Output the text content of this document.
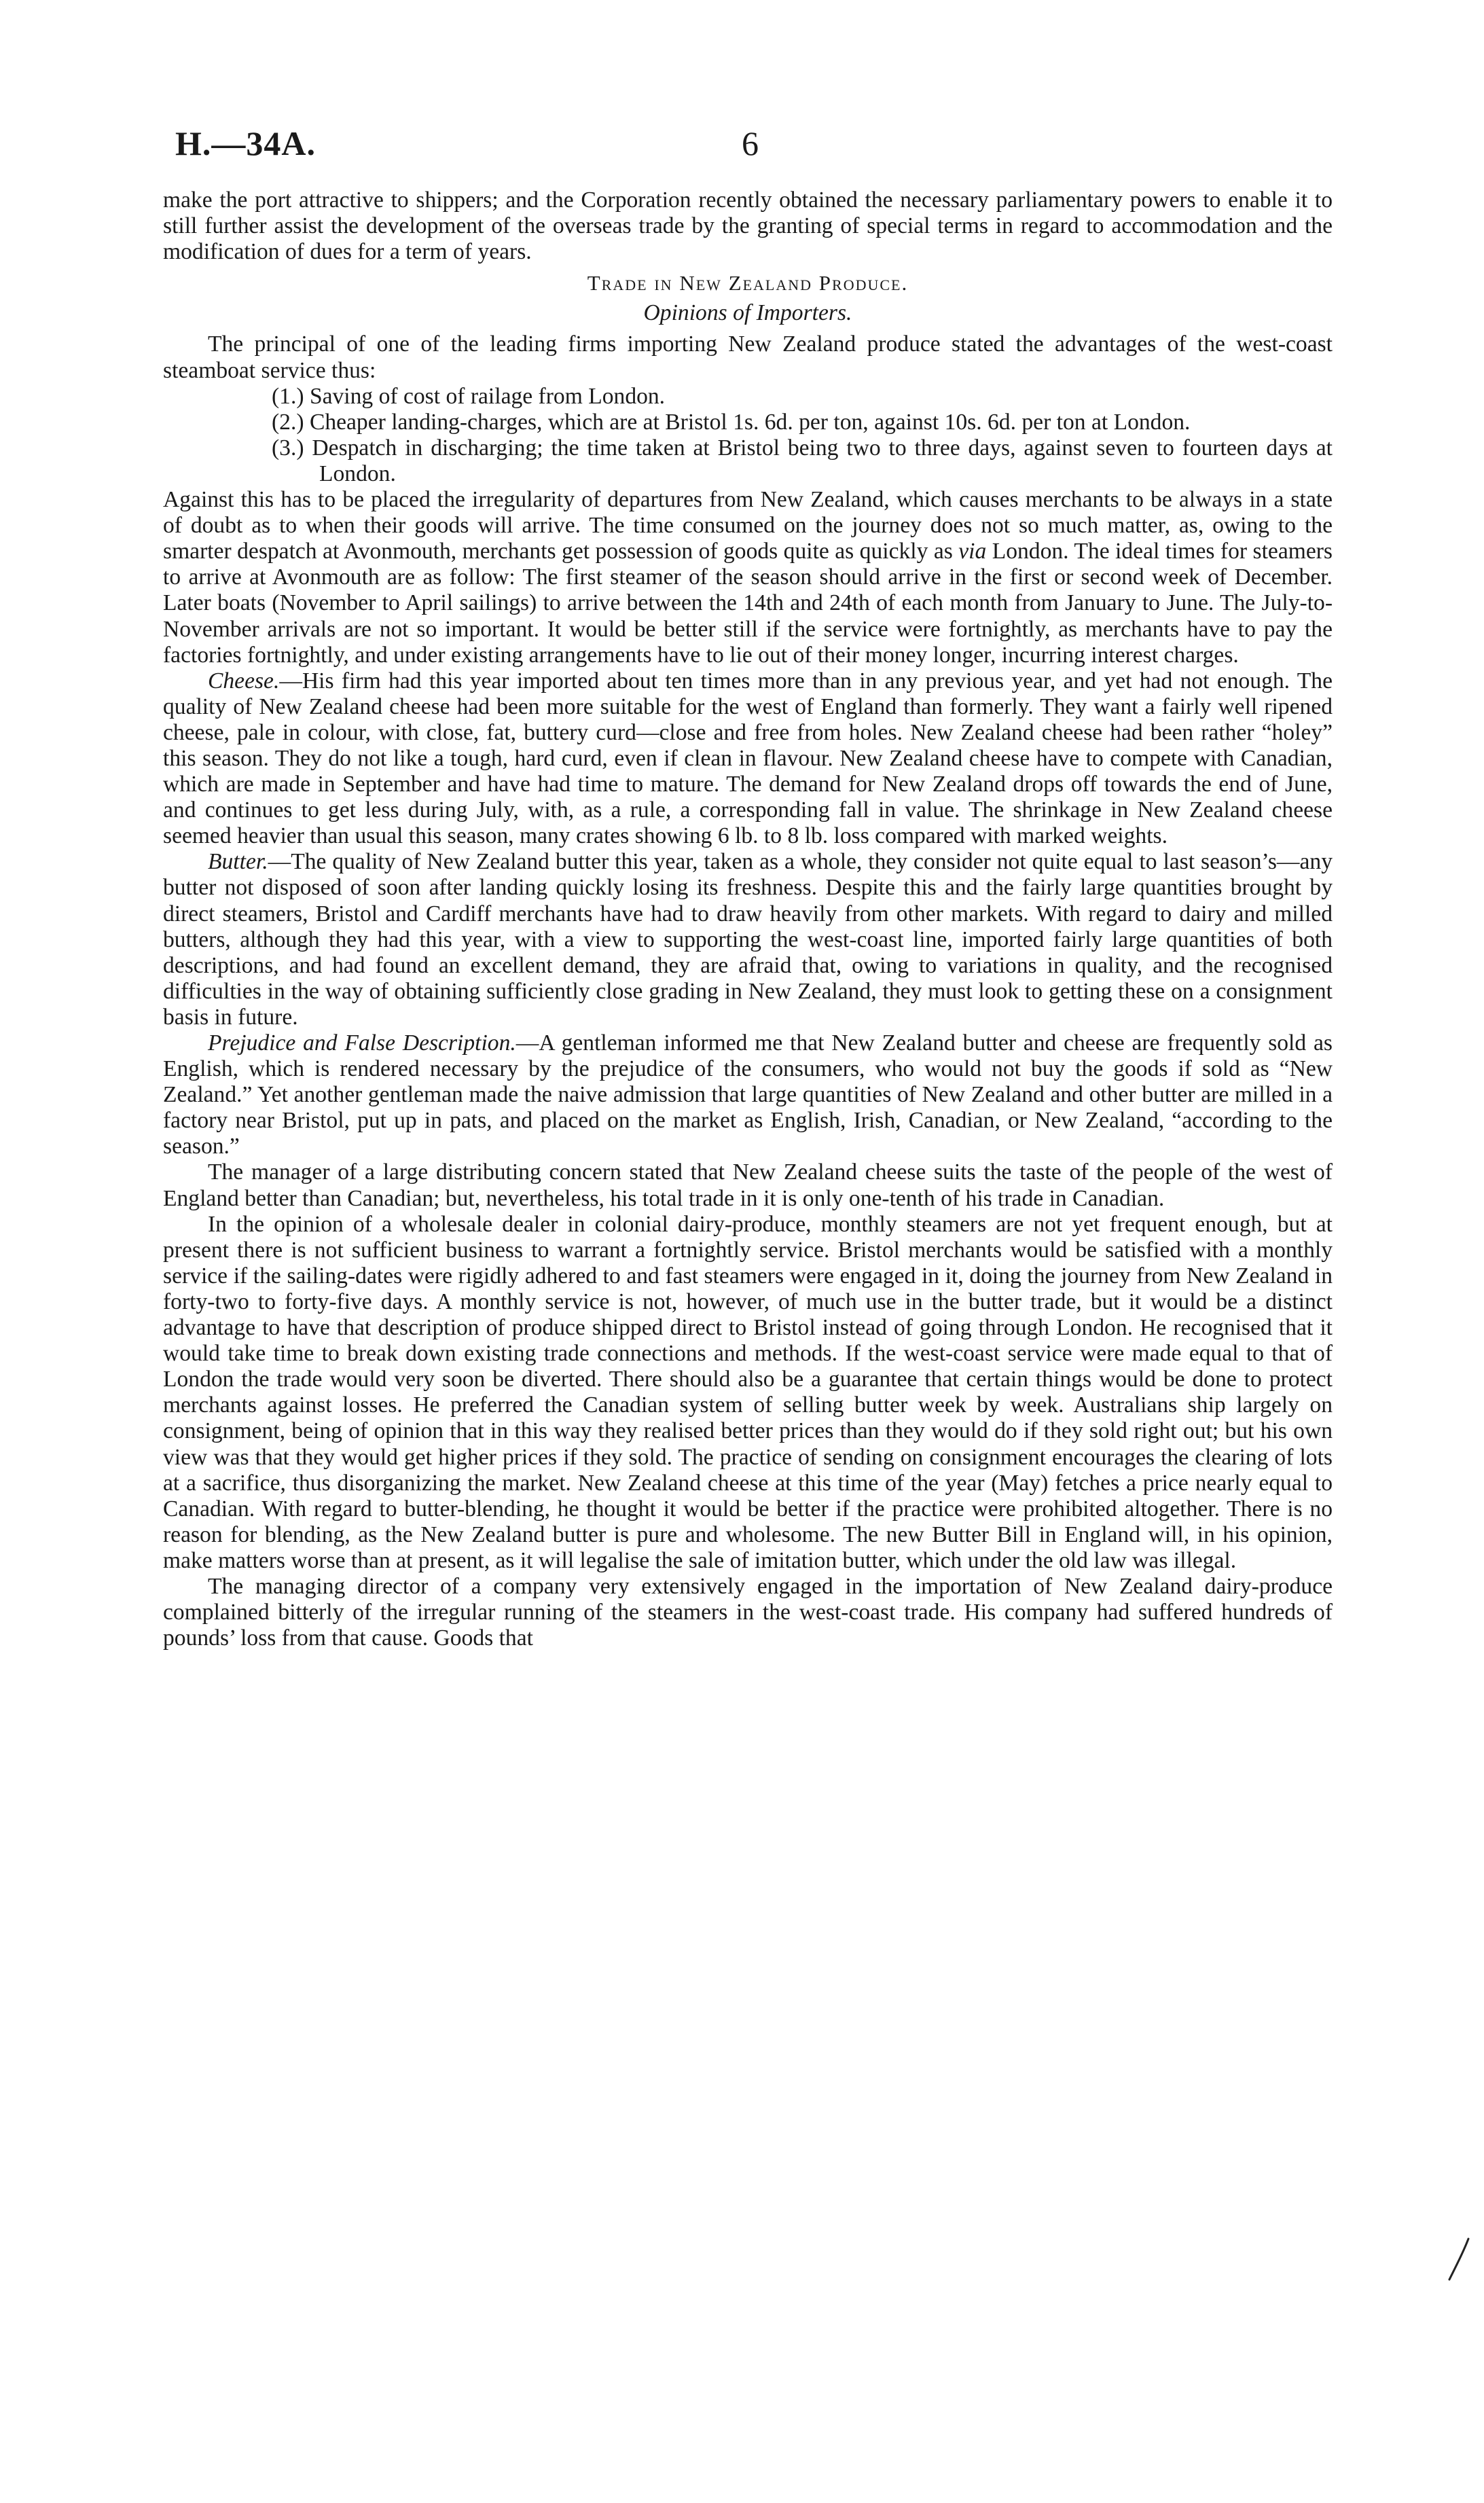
H.—34A.	6

make the port attractive to shippers; and the Corporation recently obtained the necessary parliamentary powers to enable it to still further assist the development of the overseas trade by the granting of special terms in regard to accommodation and the modification of dues for a term of years.

Trade in New Zealand Produce.

Opinions of Importers.

The principal of one of the leading firms importing New Zealand produce stated the advantages of the west-coast steamboat service thus:

(1.) Saving of cost of railage from London.

(2.) Cheaper landing-charges, which are at Bristol 1s. 6d. per ton, against 10s. 6d. per ton at London.

(3.) Despatch in discharging; the time taken at Bristol being two to three days, against seven to fourteen days at London.

Against this has to be placed the irregularity of departures from New Zealand, which causes merchants to be always in a state of doubt as to when their goods will arrive. The time consumed on the journey does not so much matter, as, owing to the smarter despatch at Avonmouth, merchants get possession of goods quite as quickly as via London. The ideal times for steamers to arrive at Avonmouth are as follow: The first steamer of the season should arrive in the first or second week of December. Later boats (November to April sailings) to arrive between the 14th and 24th of each month from January to June. The July-to-November arrivals are not so important. It would be better still if the service were fortnightly, as merchants have to pay the factories fortnightly, and under existing arrangements have to lie out of their money longer, incurring interest charges.

Cheese.—His firm had this year imported about ten times more than in any previous year, and yet had not enough. The quality of New Zealand cheese had been more suitable for the west of England than formerly. They want a fairly well ripened cheese, pale in colour, with close, fat, buttery curd—close and free from holes. New Zealand cheese had been rather “holey” this season. They do not like a tough, hard curd, even if clean in flavour. New Zealand cheese have to compete with Canadian, which are made in September and have had time to mature. The demand for New Zealand drops off towards the end of June, and continues to get less during July, with, as a rule, a corresponding fall in value. The shrinkage in New Zealand cheese seemed heavier than usual this season, many crates showing 6 lb. to 8 lb. loss compared with marked weights.

Butter.—The quality of New Zealand butter this year, taken as a whole, they consider not quite equal to last season’s—any butter not disposed of soon after landing quickly losing its freshness. Despite this and the fairly large quantities brought by direct steamers, Bristol and Cardiff merchants have had to draw heavily from other markets. With regard to dairy and milled butters, although they had this year, with a view to supporting the west-coast line, imported fairly large quantities of both descriptions, and had found an excellent demand, they are afraid that, owing to variations in quality, and the recognised difficulties in the way of obtaining sufficiently close grading in New Zealand, they must look to getting these on a consignment basis in future.

Prejudice and False Description.—A gentleman informed me that New Zealand butter and cheese are frequently sold as English, which is rendered necessary by the prejudice of the consumers, who would not buy the goods if sold as “New Zealand.” Yet another gentleman made the naive admission that large quantities of New Zealand and other butter are milled in a factory near Bristol, put up in pats, and placed on the market as English, Irish, Canadian, or New Zealand, “according to the season.”

The manager of a large distributing concern stated that New Zealand cheese suits the taste of the people of the west of England better than Canadian; but, nevertheless, his total trade in it is only one-tenth of his trade in Canadian.

In the opinion of a wholesale dealer in colonial dairy-produce, monthly steamers are not yet frequent enough, but at present there is not sufficient business to warrant a fortnightly service. Bristol merchants would be satisfied with a monthly service if the sailing-dates were rigidly adhered to and fast steamers were engaged in it, doing the journey from New Zealand in forty-two to forty-five days. A monthly service is not, however, of much use in the butter trade, but it would be a distinct advantage to have that description of produce shipped direct to Bristol instead of going through London. He recognised that it would take time to break down existing trade connections and methods. If the west-coast service were made equal to that of London the trade would very soon be diverted. There should also be a guarantee that certain things would be done to protect merchants against losses. He preferred the Canadian system of selling butter week by week. Australians ship largely on consignment, being of opinion that in this way they realised better prices than they would do if they sold right out; but his own view was that they would get higher prices if they sold. The practice of sending on consignment encourages the clearing of lots at a sacrifice, thus disorganizing the market. New Zealand cheese at this time of the year (May) fetches a price nearly equal to Canadian. With regard to butter-blending, he thought it would be better if the practice were prohibited altogether. There is no reason for blending, as the New Zealand butter is pure and wholesome. The new Butter Bill in England will, in his opinion, make matters worse than at present, as it will legalise the sale of imitation butter, which under the old law was illegal.

The managing director of a company very extensively engaged in the importation of New Zealand dairy-produce complained bitterly of the irregular running of the steamers in the west-coast trade. His company had suffered hundreds of pounds’ loss from that cause. Goods that
